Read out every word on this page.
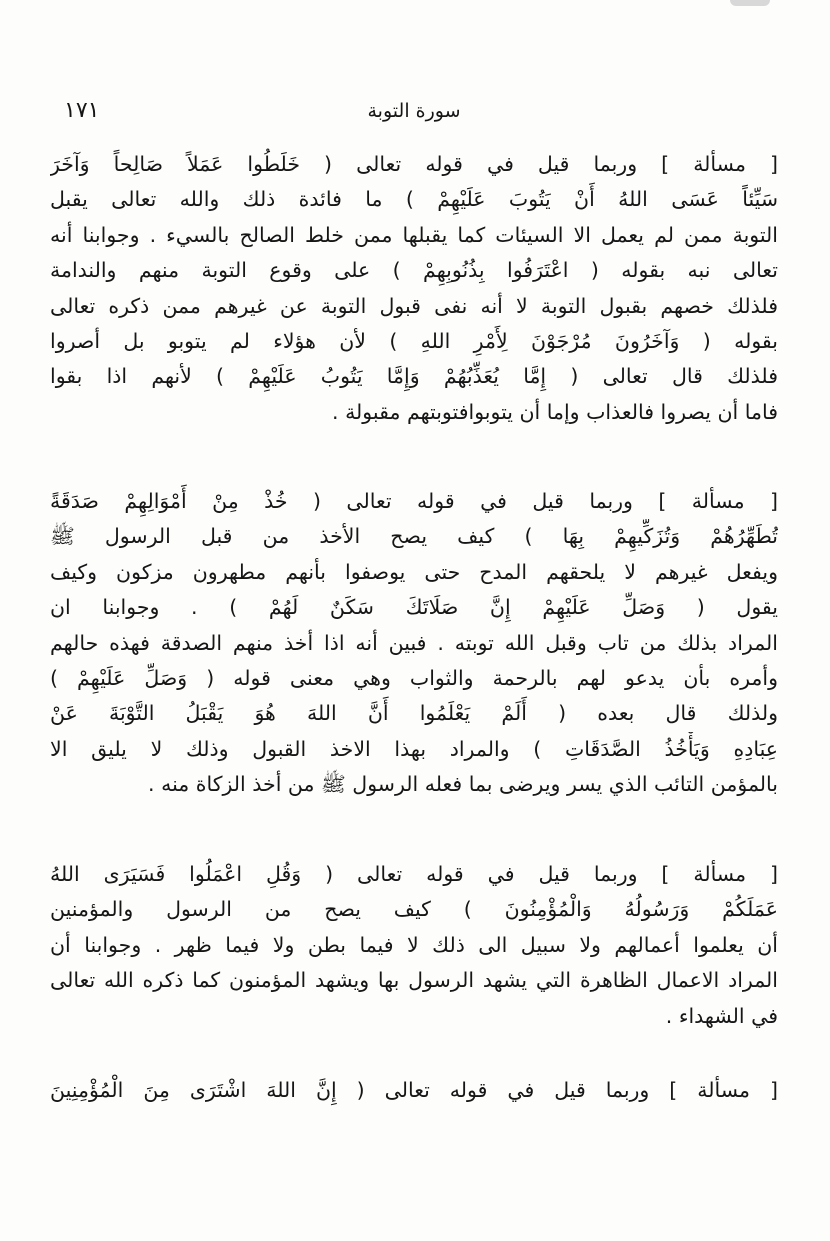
سورة التوبة
١٧١
[ مسألة ] وربما قيل في قوله تعالى ( خَلَطُوا عَمَلاً صَالِحاً وَآخَرَ
سَيِّئاً عَسَى اللهُ أَنْ يَتُوبَ عَلَيْهِمْ ) ما فائدة ذلك والله تعالى يقبل
التوبة ممن لم يعمل الا السيئات كما يقبلها ممن خلط الصالح بالسيء . وجوابنا أنه
تعالى نبه بقوله ( اعْتَرَفُوا بِذُنُوبِهِمْ ) على وقوع التوبة منهم والندامة
فلذلك خصهم بقبول التوبة لا أنه نفى قبول التوبة عن غيرهم ممن ذكره تعالى
بقوله ( وَآخَرُونَ مُرْجَوْنَ لِأَمْرِ اللهِ ) لأن هؤلاء لم يتوبو بل أصروا
فلذلك قال تعالى ( إِمَّا يُعَذِّبُهُمْ وَإِمَّا يَتُوبُ عَلَيْهِمْ ) لأنهم اذا بقوا
فاما أن يصروا فالعذاب وإما أن يتوبوافتوبتهم مقبولة .
[ مسألة ] وربما قيل في قوله تعالى ( خُذْ مِنْ أَمْوَالِهِمْ صَدَقَةً
تُطَهِّرُهُمْ وَتُزَكِّيهِمْ بِهَا ) كيف يصح الأخذ من قبل الرسول ﷺ
ويفعل غيرهم لا يلحقهم المدح حتى يوصفوا بأنهم مطهرون مزكون وكيف
يقول ( وَصَلِّ عَلَيْهِمْ إِنَّ صَلَاتَكَ سَكَنٌ لَهُمْ ) . وجوابنا ان
المراد بذلك من تاب وقبل الله توبته . فبين أنه اذا أخذ منهم الصدقة فهذه حالهم
وأمره بأن يدعو لهم بالرحمة والثواب وهي معنى قوله ( وَصَلِّ عَلَيْهِمْ )
ولذلك قال بعده ( أَلَمْ يَعْلَمُوا أَنَّ اللهَ هُوَ يَقْبَلُ التَّوْبَةَ عَنْ
عِبَادِهِ وَيَأْخُذُ الصَّدَقَاتِ ) والمراد بهذا الاخذ القبول وذلك لا يليق الا
بالمؤمن التائب الذي يسر ويرضى بما فعله الرسول ﷺ من أخذ الزكاة منه .
[ مسألة ] وربما قيل في قوله تعالى ( وَقُلِ اعْمَلُوا فَسَيَرَى اللهُ
عَمَلَكُمْ وَرَسُولُهُ وَالْمُؤْمِنُونَ ) كيف يصح من الرسول والمؤمنين
أن يعلموا أعمالهم ولا سبيل الى ذلك لا فيما بطن ولا فيما ظهر . وجوابنا أن
المراد الاعمال الظاهرة التي يشهد الرسول بها ويشهد المؤمنون كما ذكره الله تعالى
في الشهداء .
[ مسألة ] وربما قيل في قوله تعالى ( إِنَّ اللهَ اشْتَرَى مِنَ الْمُؤْمِنِينَ
